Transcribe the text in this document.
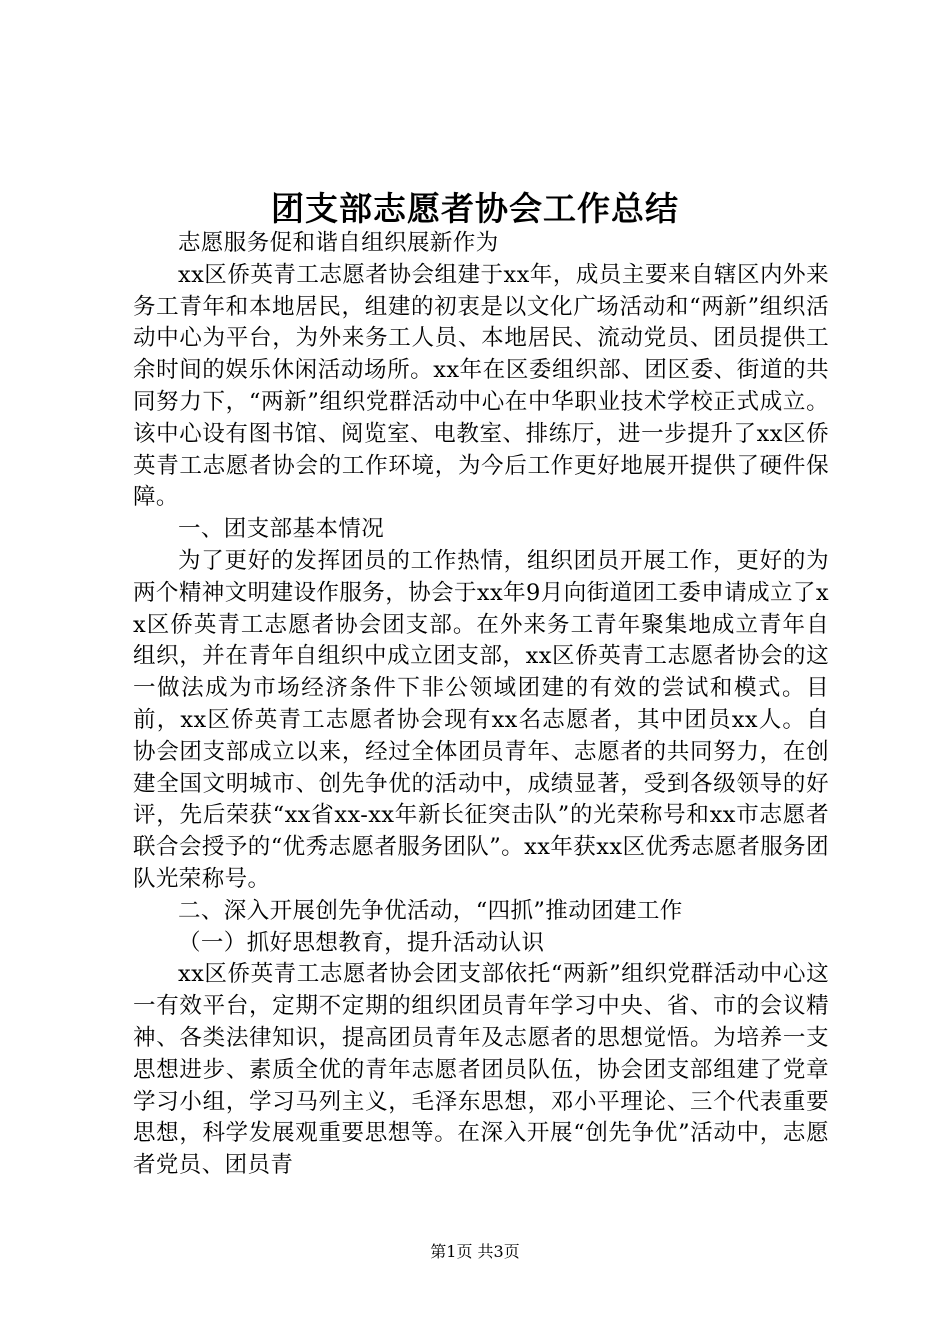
团支部志愿者协会工作总结

志愿服务促和谐自组织展新作为

xx区侨英青工志愿者协会组建于xx年，成员主要来自辖区内外来务工青年和本地居民，组建的初衷是以文化广场活动和“两新”组织活动中心为平台，为外来务工人员、本地居民、流动党员、团员提供工余时间的娱乐休闲活动场所。xx年在区委组织部、团区委、街道的共同努力下，“两新”组织党群活动中心在中华职业技术学校正式成立。该中心设有图书馆、阅览室、电教室、排练厅，进一步提升了xx区侨英青工志愿者协会的工作环境，为今后工作更好地展开提供了硬件保障。

一、团支部基本情况

为了更好的发挥团员的工作热情，组织团员开展工作，更好的为两个精神文明建设作服务，协会于xx年9月向街道团工委申请成立了xx区侨英青工志愿者协会团支部。在外来务工青年聚集地成立青年自组织，并在青年自组织中成立团支部，xx区侨英青工志愿者协会的这一做法成为市场经济条件下非公领域团建的有效的尝试和模式。目前，xx区侨英青工志愿者协会现有xx名志愿者，其中团员xx人。自协会团支部成立以来，经过全体团员青年、志愿者的共同努力，在创建全国文明城市、创先争优的活动中，成绩显著，受到各级领导的好评，先后荣获“xx省xx-xx年新长征突击队”的光荣称号和xx市志愿者联合会授予的“优秀志愿者服务团队”。xx年获xx区优秀志愿者服务团队光荣称号。

二、深入开展创先争优活动，“四抓”推动团建工作

（一）抓好思想教育，提升活动认识

xx区侨英青工志愿者协会团支部依托“两新”组织党群活动中心这一有效平台，定期不定期的组织团员青年学习中央、省、市的会议精神、各类法律知识，提高团员青年及志愿者的思想觉悟。为培养一支思想进步、素质全优的青年志愿者团员队伍，协会团支部组建了党章学习小组，学习马列主义，毛泽东思想，邓小平理论、三个代表重要思想，科学发展观重要思想等。在深入开展“创先争优”活动中，志愿者党员、团员青

第1页 共3页
